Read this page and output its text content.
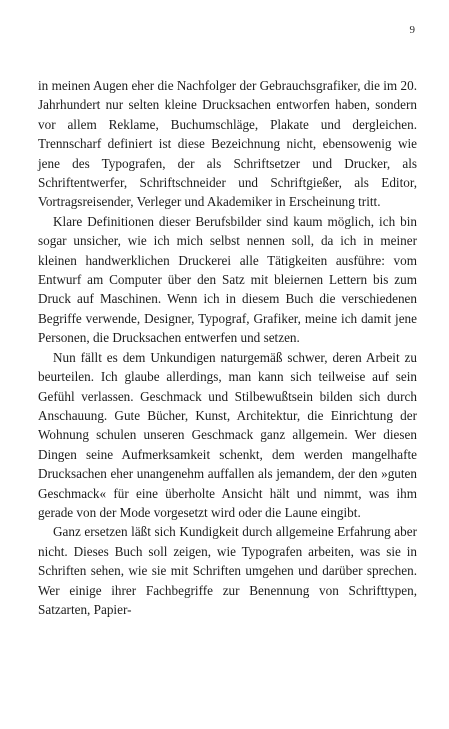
9

in meinen Augen eher die Nachfolger der Gebrauchsgrafiker, die im 20. Jahrhundert nur selten kleine Drucksachen entworfen haben, sondern vor allem Reklame, Buchumschläge, Plakate und dergleichen. Trennscharf definiert ist diese Bezeichnung nicht, ebensowenig wie jene des Typografen, der als Schriftsetzer und Drucker, als Schriftentwerfer, Schriftschneider und Schriftgießer, als Editor, Vortragsreisender, Verleger und Akademiker in Erscheinung tritt.

Klare Definitionen dieser Berufsbilder sind kaum möglich, ich bin sogar unsicher, wie ich mich selbst nennen soll, da ich in meiner kleinen handwerklichen Druckerei alle Tätigkeiten ausführe: vom Entwurf am Computer über den Satz mit bleiernen Lettern bis zum Druck auf Maschinen. Wenn ich in diesem Buch die verschiedenen Begriffe verwende, Designer, Typograf, Grafiker, meine ich damit jene Personen, die Drucksachen entwerfen und setzen.

Nun fällt es dem Unkundigen naturgemäß schwer, deren Arbeit zu beurteilen. Ich glaube allerdings, man kann sich teilweise auf sein Gefühl verlassen. Geschmack und Stilbewußtsein bilden sich durch Anschauung. Gute Bücher, Kunst, Architektur, die Einrichtung der Wohnung schulen unseren Geschmack ganz allgemein. Wer diesen Dingen seine Aufmerksamkeit schenkt, dem werden mangelhafte Drucksachen eher unangenehm auffallen als jemandem, der den »guten Geschmack« für eine überholte Ansicht hält und nimmt, was ihm gerade von der Mode vorgesetzt wird oder die Laune eingibt.

Ganz ersetzen läßt sich Kundigkeit durch allgemeine Erfahrung aber nicht. Dieses Buch soll zeigen, wie Typografen arbeiten, was sie in Schriften sehen, wie sie mit Schriften umgehen und darüber sprechen. Wer einige ihrer Fachbegriffe zur Benennung von Schrifttypen, Satzarten, Papier-
